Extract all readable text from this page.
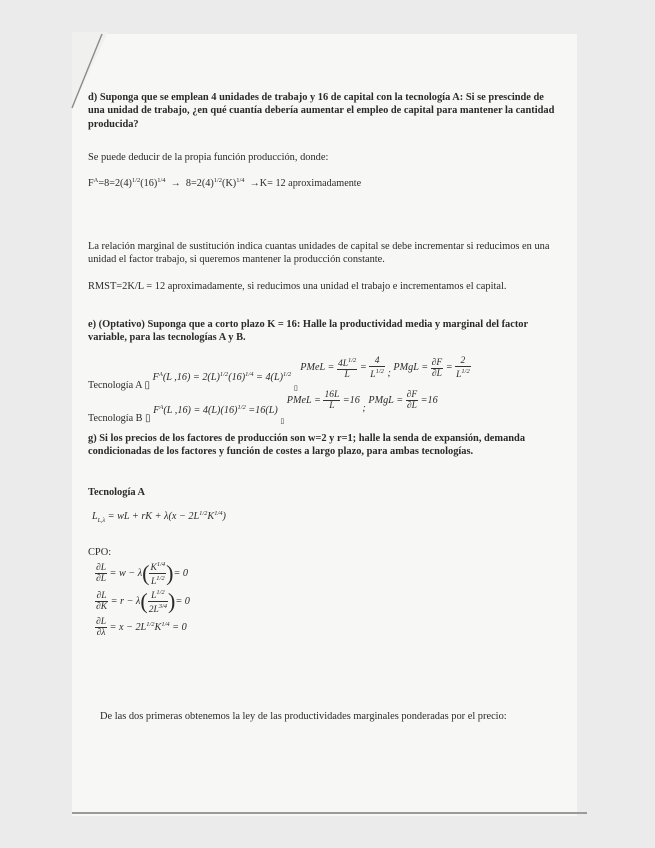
d) Suponga que se emplean 4 unidades de trabajo y 16 de capital con la tecnología A: Si se prescinde de una unidad de trabajo, ¿en qué cuantía debería aumentar el empleo de capital para mantener la cantidad producida?
Se puede deducir de la propia función producción, donde:
$F^A=8=2(4)^{1/2}(16)^{1/4} \to 8=2(4)^{1/2}(K)^{1/4} \to K= 12$ aproximadamente
La relación marginal de sustitución indica cuantas unidades de capital se debe incrementar si reducimos en una unidad el factor trabajo, si queremos mantener la producción constante.
RMST=2K/L = 12 aproximadamente, si reducimos una unidad el trabajo e incrementamos el capital.
e) (Optativo) Suponga que a corto plazo K = 16: Halle la productividad media y marginal del factor variable, para las tecnologías A y B.
Tecnología A ▯ $F^A(L$ $,16) = 2(L)^{1/2}(16)^{1/4} = 4(L)^{1/2}$ $_▯$ PMeL = $\frac{4L^{1/2}}{L} = \frac{4}{L^{1/2}}$ ; PMgL = $\frac{\partial F}{\partial L} = \frac{2}{L^{1/2}}$
Tecnología B ▯ $F^A(L$ $,16) = 4(L)(16)^{1/2} =16(L)$ $_▯$ PMeL = $\frac{16L}{L} =16$ ; PMgL = $\frac{\partial F}{\partial L} =16$
g) Si los precios de los factores de producción son w=2 y r=1; halle la senda de expansión, demanda condicionadas de los factores y función de costes a largo plazo, para ambas tecnologías.
Tecnología A
$L_{L,\lambda}$ = wL + rK + $\lambda(x - 2L^{1/2}K^{1/4})$
CPO:
$\frac{\partial L}{\partial L} = w - \lambda( \frac{K^{1/4}}{L^{1/2}}$ )= 0
$\frac{\partial L}{\partial K} = r - \lambda( \frac{L^{1/2}}{2L^{3/4}}$ )= 0
$\frac{\partial L}{\partial\lambda} = x - 2L^{1/2}K^{1/4} = 0$
De las dos primeras obtenemos la ley de las productividades marginales ponderadas por el precio:
